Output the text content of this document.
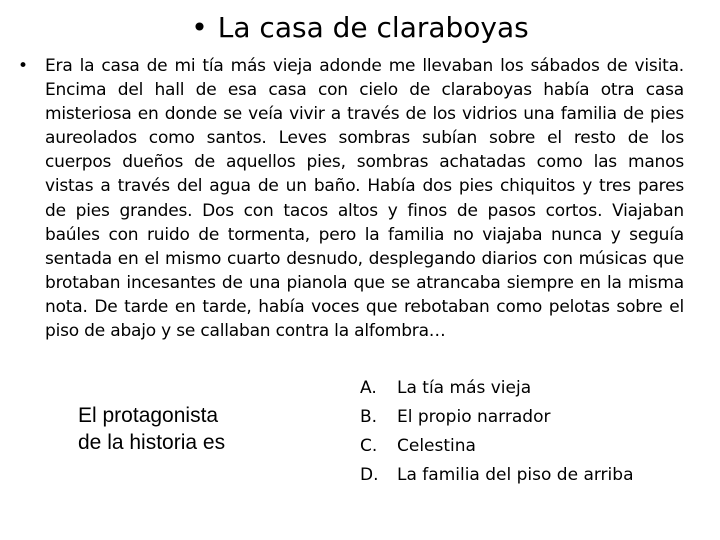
• La casa de claraboyas
• Era la casa de mi tía más vieja adonde me llevaban los sábados de visita. Encima del hall de esa casa con cielo de claraboyas había otra casa misteriosa en donde se veía vivir a través de los vidrios una familia de pies aureolados como santos. Leves sombras subían sobre el resto de los cuerpos dueños de aquellos pies, sombras achatadas como las manos vistas a través del agua de un baño. Había dos pies chiquitos y tres pares de pies grandes. Dos con tacos altos y finos de pasos cortos. Viajaban baúles con ruido de tormenta, pero la familia no viajaba nunca y seguía sentada en el mismo cuarto desnudo, desplegando diarios con músicas que brotaban incesantes de una pianola que se atrancaba siempre en la misma nota. De tarde en tarde, había voces que rebotaban como pelotas sobre el piso de abajo y se callaban contra la alfombra…
El protagonista
de la historia es
A.	La tía más vieja
B.	El propio narrador
C.	Celestina
D.	La familia del piso de arriba
